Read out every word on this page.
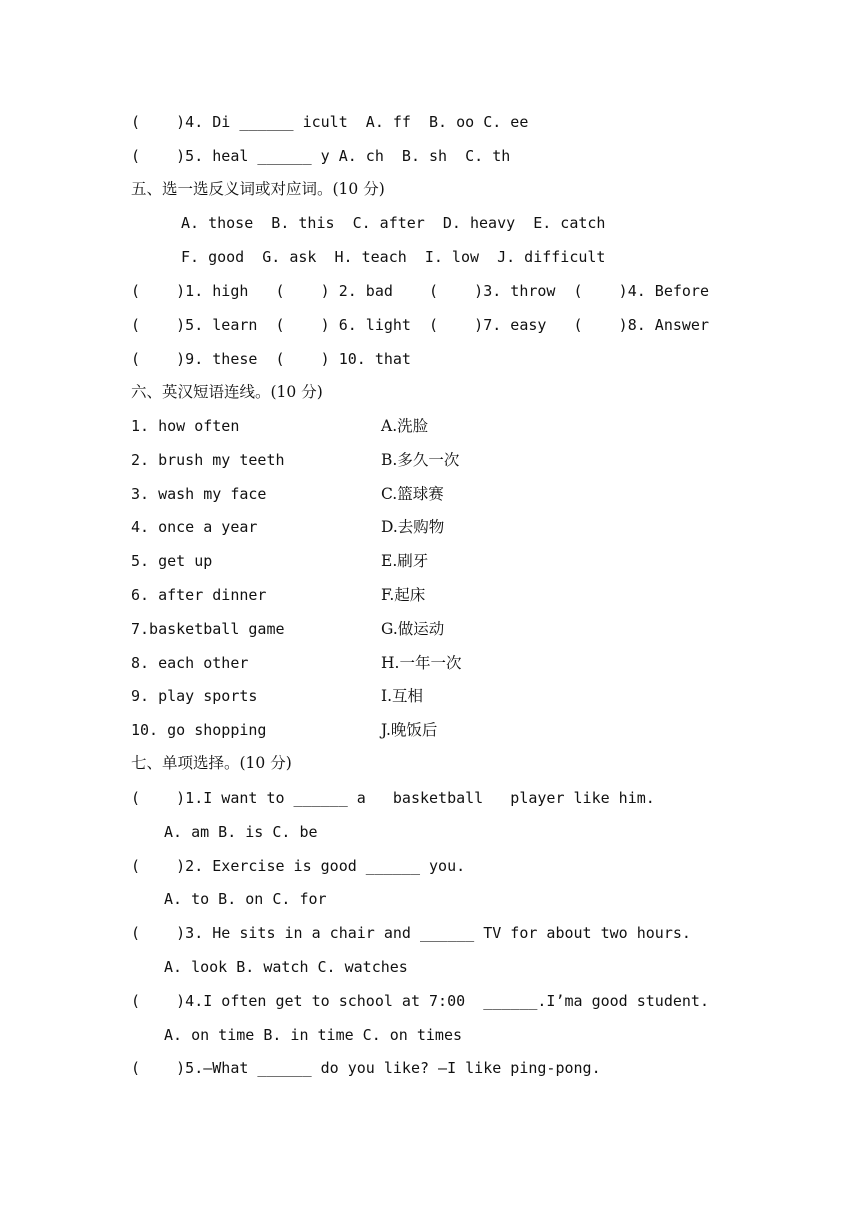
(    )4. Di ______ icult  A. ff  B. oo C. ee
(    )5. heal ______ y A. ch  B. sh  C. th
五、选一选反义词或对应词。(10 分)
A. those  B. this  C. after  D. heavy  E. catch
F. good  G. ask  H. teach  I. low  J. difficult
(    )1. high   (    ) 2. bad    (    )3. throw  (    )4. Before
(    )5. learn  (    ) 6. light  (    )7. easy   (    )8. Answer
(    )9. these  (    ) 10. that
六、英汉短语连线。(10 分)
1. how often	A.洗脸
2. brush my teeth	B.多久一次
3. wash my face	C.篮球赛
4. once a year	D.去购物
5. get up	E.刷牙
6. after dinner	F.起床
7.basketball game	G.做运动
8. each other	H.一年一次
9. play sports	I.互相
10. go shopping	J.晚饭后
七、单项选择。(10 分)
(    )1.I want to ______ a   basketball   player like him.
A. am B. is C. be
(    )2. Exercise is good ______ you.
A. to B. on C. for
(    )3. He sits in a chair and ______ TV for about two hours.
A. look B. watch C. watches
(    )4.I often get to school at 7:00  ______.I’ma good student.
A. on time B. in time C. on times
(    )5.—What ______ do you like? —I like ping-pong.
